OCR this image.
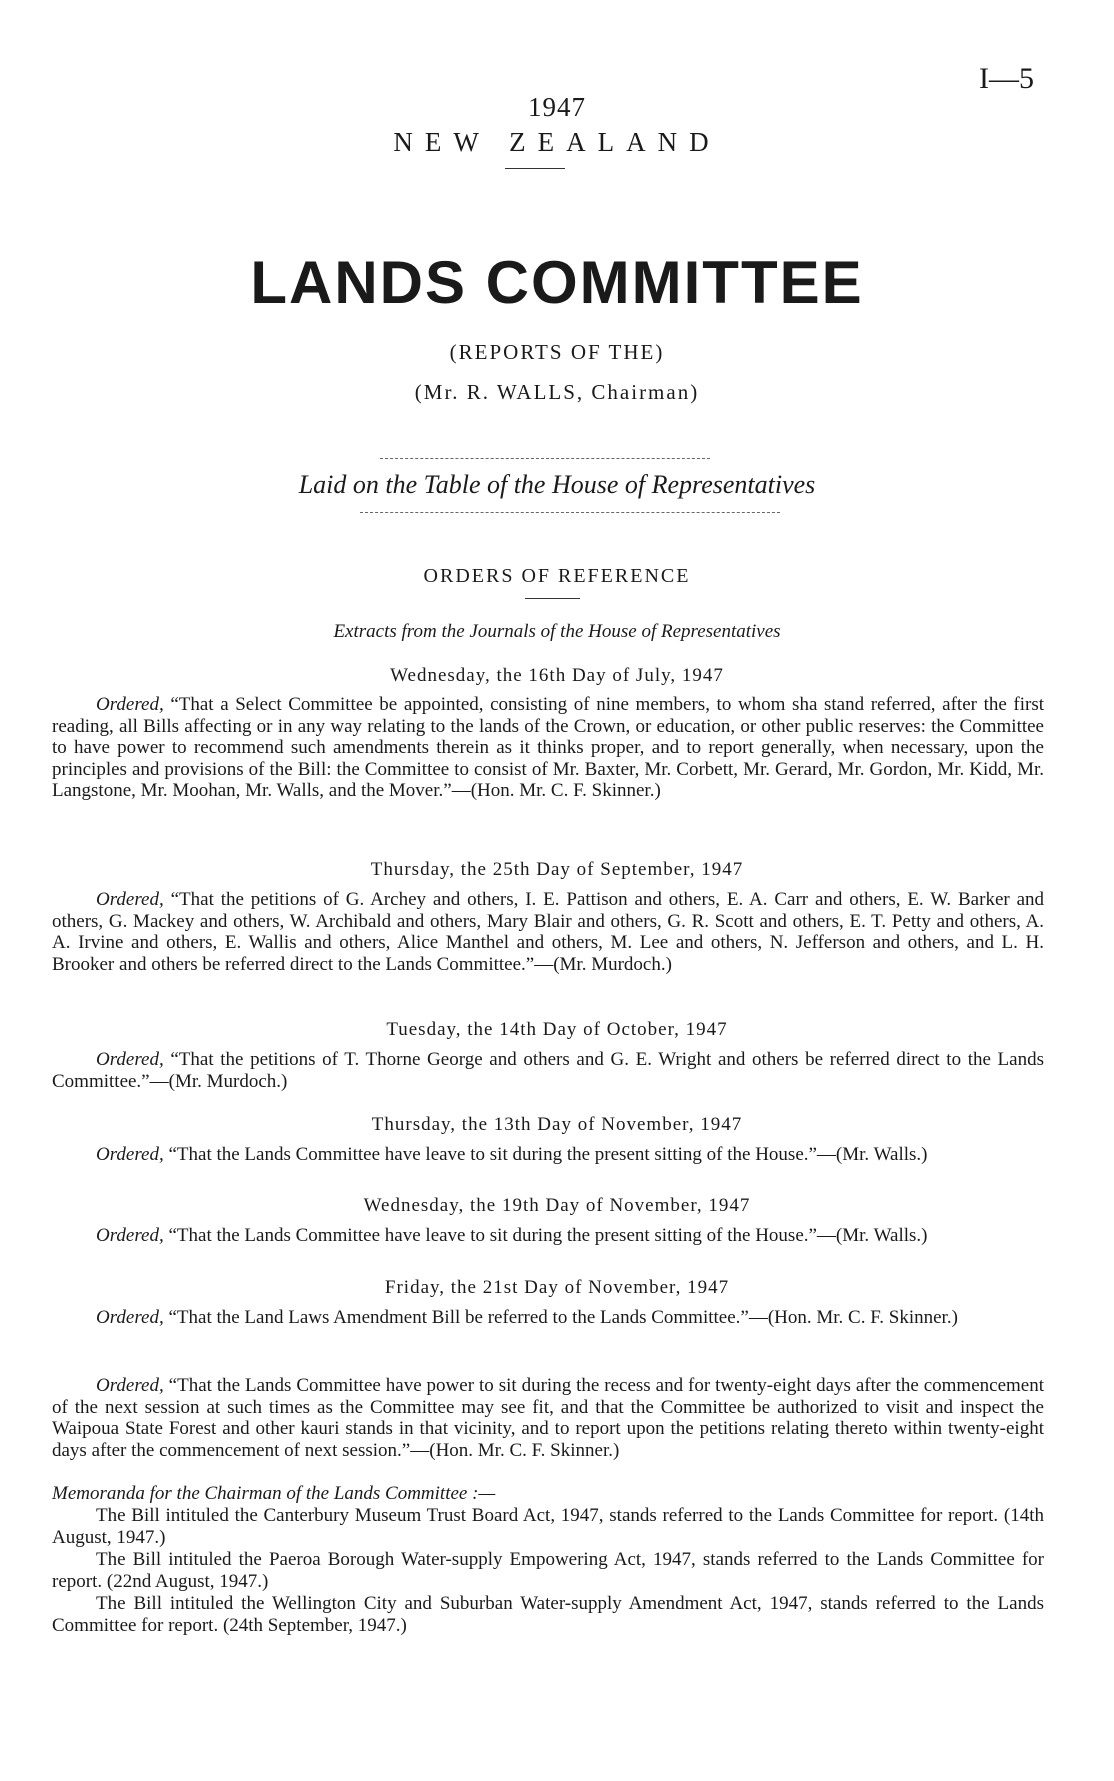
I—5
1947
NEW ZEALAND
LANDS COMMITTEE
(REPORTS OF THE)
(Mr. R. WALLS, Chairman)
Laid on the Table of the House of Representatives
ORDERS OF REFERENCE
Extracts from the Journals of the House of Representatives
Wednesday, the 16th Day of July, 1947

Ordered, “That a Select Committee be appointed, consisting of nine members, to whom sha stand referred, after the first reading, all Bills affecting or in any way relating to the lands of the Crown, or education, or other public reserves: the Committee to have power to recommend such amendments therein as it thinks proper, and to report generally, when necessary, upon the principles and provisions of the Bill: the Committee to consist of Mr. Baxter, Mr. Corbett, Mr. Gerard, Mr. Gordon, Mr. Kidd, Mr. Langstone, Mr. Moohan, Mr. Walls, and the Mover.”—(Hon. Mr. C. F. Skinner.)

Thursday, the 25th Day of September, 1947

Ordered, “That the petitions of G. Archey and others, I. E. Pattison and others, E. A. Carr and others, E. W. Barker and others, G. Mackey and others, W. Archibald and others, Mary Blair and others, G. R. Scott and others, E. T. Petty and others, A. A. Irvine and others, E. Wallis and others, Alice Manthel and others, M. Lee and others, N. Jefferson and others, and L. H. Brooker and others be referred direct to the Lands Committee.”—(Mr. Murdoch.)

Tuesday, the 14th Day of October, 1947

Ordered, “That the petitions of T. Thorne George and others and G. E. Wright and others be referred direct to the Lands Committee.”—(Mr. Murdoch.)

Thursday, the 13th Day of November, 1947

Ordered, “That the Lands Committee have leave to sit during the present sitting of the House.”—(Mr. Walls.)

Wednesday, the 19th Day of November, 1947

Ordered, “That the Lands Committee have leave to sit during the present sitting of the House.”—(Mr. Walls.)

Friday, the 21st Day of November, 1947

Ordered, “That the Land Laws Amendment Bill be referred to the Lands Committee.”—(Hon. Mr. C. F. Skinner.)

Ordered, “That the Lands Committee have power to sit during the recess and for twenty-eight days after the commencement of the next session at such times as the Committee may see fit, and that the Committee be authorized to visit and inspect the Waipoua State Forest and other kauri stands in that vicinity, and to report upon the petitions relating thereto within twenty-eight days after the commencement of next session.”—(Hon. Mr. C. F. Skinner.)

Memoranda for the Chairman of the Lands Committee :—

The Bill intituled the Canterbury Museum Trust Board Act, 1947, stands referred to the Lands Committee for report. (14th August, 1947.)

The Bill intituled the Paeroa Borough Water-supply Empowering Act, 1947, stands referred to the Lands Committee for report. (22nd August, 1947.)

The Bill intituled the Wellington City and Suburban Water-supply Amendment Act, 1947, stands referred to the Lands Committee for report. (24th September, 1947.)
